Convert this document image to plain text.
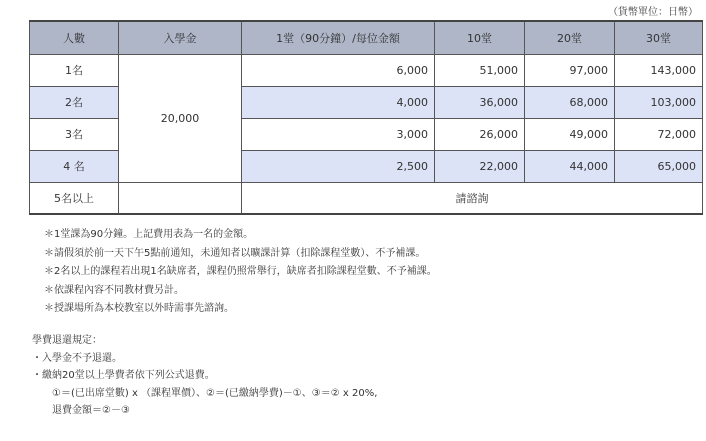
（貨幣單位：日幣）
人數	入學金	1堂（90分鐘）/每位金額	10堂	20堂	30堂
1名	20,000	6,000	51,000	97,000	143,000
2名		4,000	36,000	68,000	103,000
3名		3,000	26,000	49,000	72,000
4 名		2,500	22,000	44,000	65,000
5名以上		請諮詢			
＊1堂課為90分鐘。上記費用表為一名的金額。
＊請假須於前一天下午5點前通知，未通知者以曠課計算（扣除課程堂數）、不予補課。
＊2名以上的課程若出現1名缺席者，課程仍照常舉行，缺席者扣除課程堂數、不予補課。
＊依課程內容不同教材費另計。
＊授課場所為本校教室以外時需事先諮詢。
學費退還規定：
・入學金不予退還。
・繳納20堂以上學費者依下列公式退費。
①＝(已出席堂數) x （課程單價）、②＝(已繳納學費)－①、③＝② x 20%,
退費金額＝②－③
